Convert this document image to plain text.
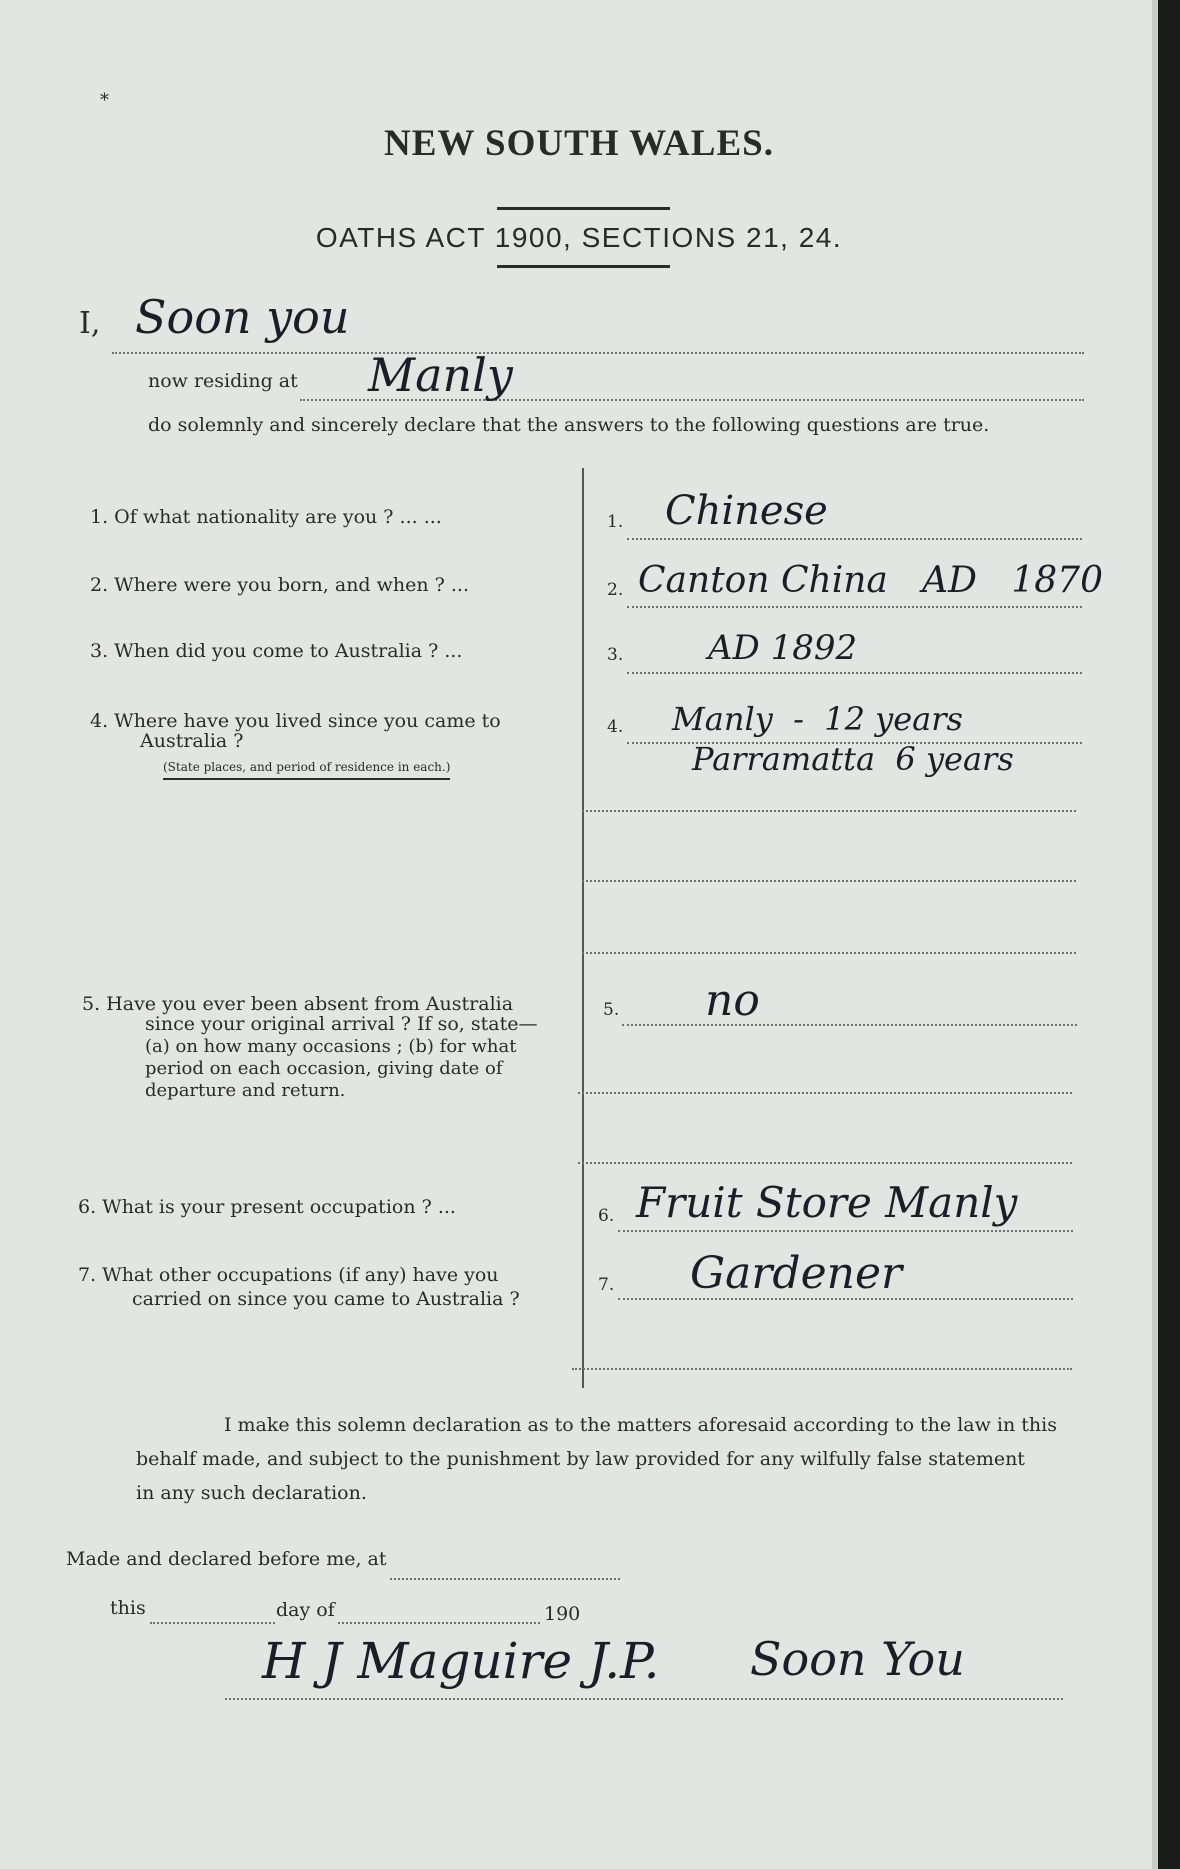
*
NEW SOUTH WALES.
OATHS ACT 1900, SECTIONS 21, 24.
I, Soon you
now residing at Manly
do solemnly and sincerely declare that the answers to the following questions are true.
1. Of what nationality are you ? ... ...	1. Chinese
2. Where were you born, and when ? ...	2. Canton China   AD   1870
3. When did you come to Australia ? ...	3. AD 1892
4. Where have you lived since you came to
Australia ?
(State places, and period of residence in each.)
4. Manly  -  12 years
Parramatta  6 years
5. Have you ever been absent from Australia
since your original arrival ? If so, state—
(a) on how many occasions ; (b) for what
period on each occasion, giving date of
departure and return.
5. no
6. What is your present occupation ? ...	6. Fruit Store Manly
7. What other occupations (if any) have you
carried on since you came to Australia ?
7. Gardener
I make this solemn declaration as to the matters aforesaid according to the law in this
behalf made, and subject to the punishment by law provided for any wilfully false statement
in any such declaration.
Made and declared before me, at
this	day of	190
H J Maguire J.P. Soon You
